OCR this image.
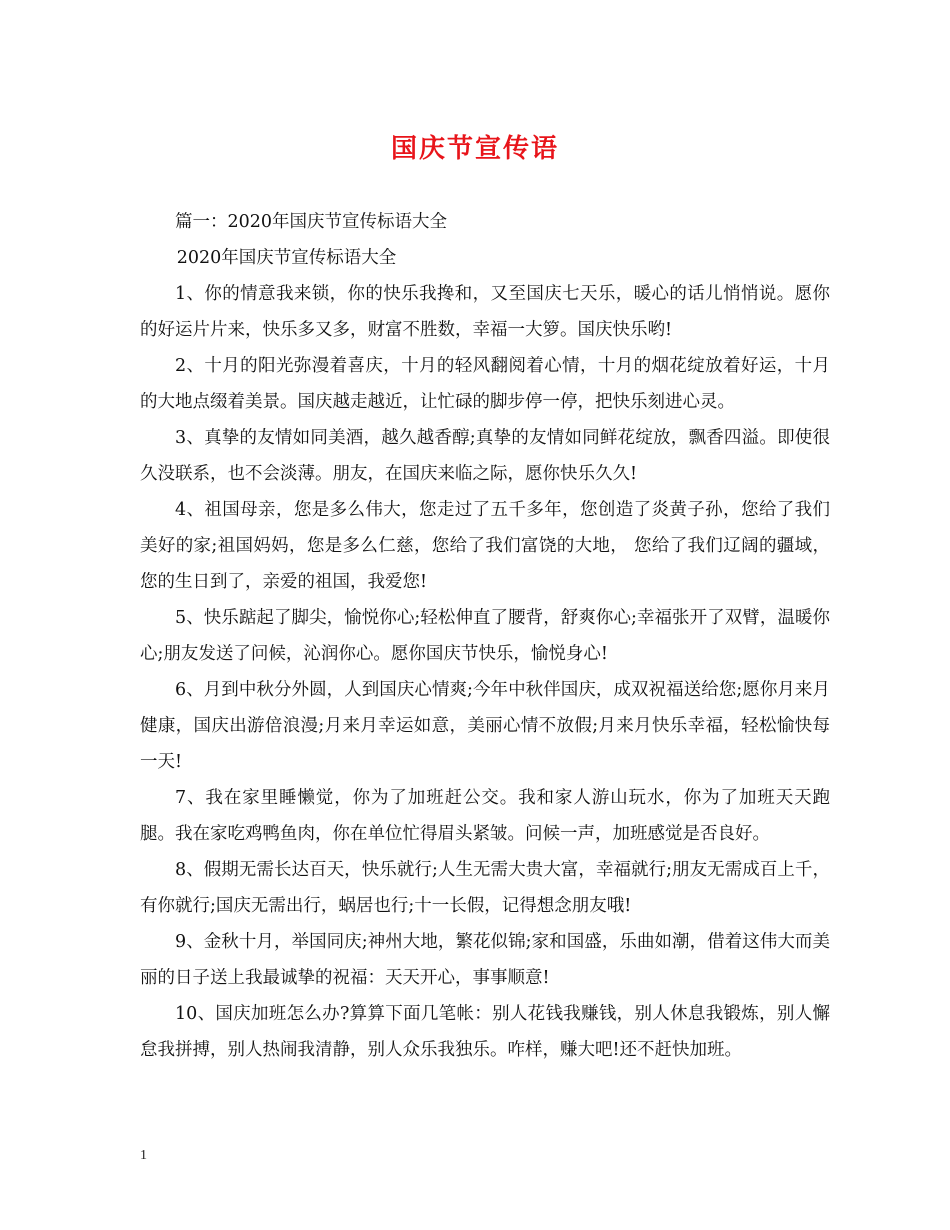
国庆节宣传语

篇一：2020年国庆节宣传标语大全

2020年国庆节宣传标语大全

1、你的情意我来锁，你的快乐我搀和，又至国庆七天乐，暖心的话儿悄悄说。愿你的好运片片来，快乐多又多，财富不胜数，幸福一大箩。国庆快乐哟!

2、十月的阳光弥漫着喜庆，十月的轻风翻阅着心情，十月的烟花绽放着好运，十月的大地点缀着美景。国庆越走越近，让忙碌的脚步停一停，把快乐刻进心灵。

3、真挚的友情如同美酒，越久越香醇;真挚的友情如同鲜花绽放，飘香四溢。即使很久没联系，也不会淡薄。朋友，在国庆来临之际，愿你快乐久久!

4、祖国母亲，您是多么伟大，您走过了五千多年，您创造了炎黄子孙，您给了我们美好的家;祖国妈妈，您是多么仁慈，您给了我们富饶的大地， 您给了我们辽阔的疆域，您的生日到了，亲爱的祖国，我爱您!

5、快乐踮起了脚尖，愉悦你心;轻松伸直了腰背，舒爽你心;幸福张开了双臂，温暖你心;朋友发送了问候，沁润你心。愿你国庆节快乐，愉悦身心!

6、月到中秋分外圆，人到国庆心情爽;今年中秋伴国庆，成双祝福送给您;愿你月来月健康，国庆出游倍浪漫;月来月幸运如意，美丽心情不放假;月来月快乐幸福，轻松愉快每一天!

7、我在家里睡懒觉，你为了加班赶公交。我和家人游山玩水，你为了加班天天跑腿。我在家吃鸡鸭鱼肉，你在单位忙得眉头紧皱。问候一声，加班感觉是否良好。

8、假期无需长达百天，快乐就行;人生无需大贵大富，幸福就行;朋友无需成百上千，有你就行;国庆无需出行，蜗居也行;十一长假，记得想念朋友哦!

9、金秋十月，举国同庆;神州大地，繁花似锦;家和国盛，乐曲如潮，借着这伟大而美丽的日子送上我最诚挚的祝福：天天开心，事事顺意!

10、国庆加班怎么办?算算下面几笔帐：别人花钱我赚钱，别人休息我锻炼，别人懈怠我拼搏，别人热闹我清静，别人众乐我独乐。咋样，赚大吧!还不赶快加班。

1
